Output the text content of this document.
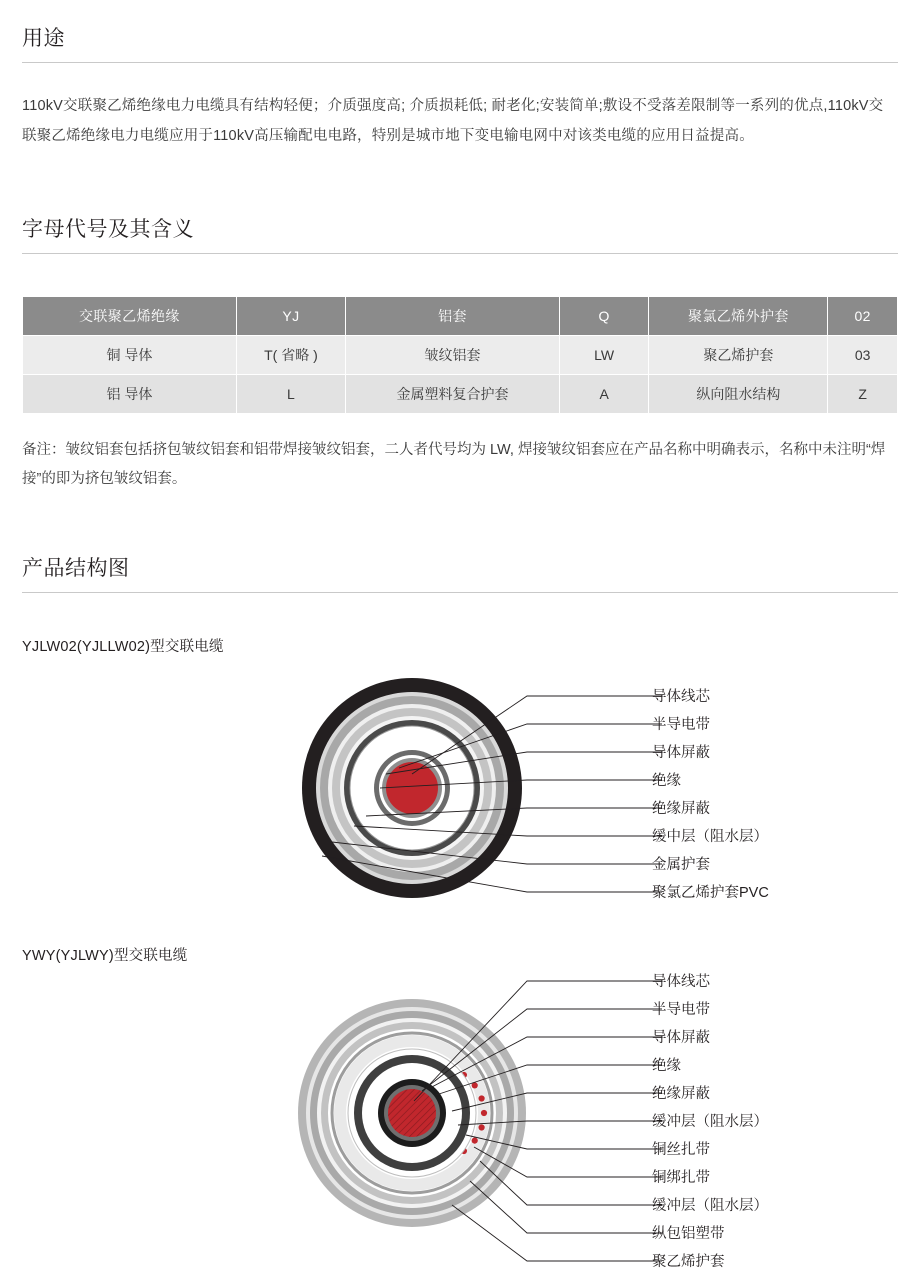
用途

110kV交联聚乙烯绝缘电力电缆具有结构轻便；介质强度高; 介质损耗低; 耐老化;安装简单;敷设不受落差限制等一系列的优点,110kV交联聚乙烯绝缘电力电缆应用于110kV高压输配电电路，特别是城市地下变电输电网中对该类电缆的应用日益提高。

字母代号及其含义
交联聚乙烯绝缘	YJ	铝套	Q	聚氯乙烯外护套	02
铜 导体	T( 省略 )	皱纹铝套	LW	聚乙烯护套	03
铝 导体	L	金属塑料复合护套	A	纵向阻水结构	Z

备注：皱纹铝套包括挤包皱纹铝套和铝带焊接皱纹铝套，二人者代号均为 LW, 焊接皱纹铝套应在产品名称中明确表示，名称中未注明“焊接”的即为挤包皱纹铝套。

产品结构图
YJLW02(YJLLW02)型交联电缆
导体线芯
半导电带
导体屏蔽
绝缘
绝缘屏蔽
缓中层（阻水层）
金属护套
聚氯乙烯护套PVC
YWY(YJLWY)型交联电缆
导体线芯
半导电带
导体屏蔽
绝缘
绝缘屏蔽
缓冲层（阻水层）
铜丝扎带
铜绑扎带
缓冲层（阻水层）
纵包铝塑带
聚乙烯护套
